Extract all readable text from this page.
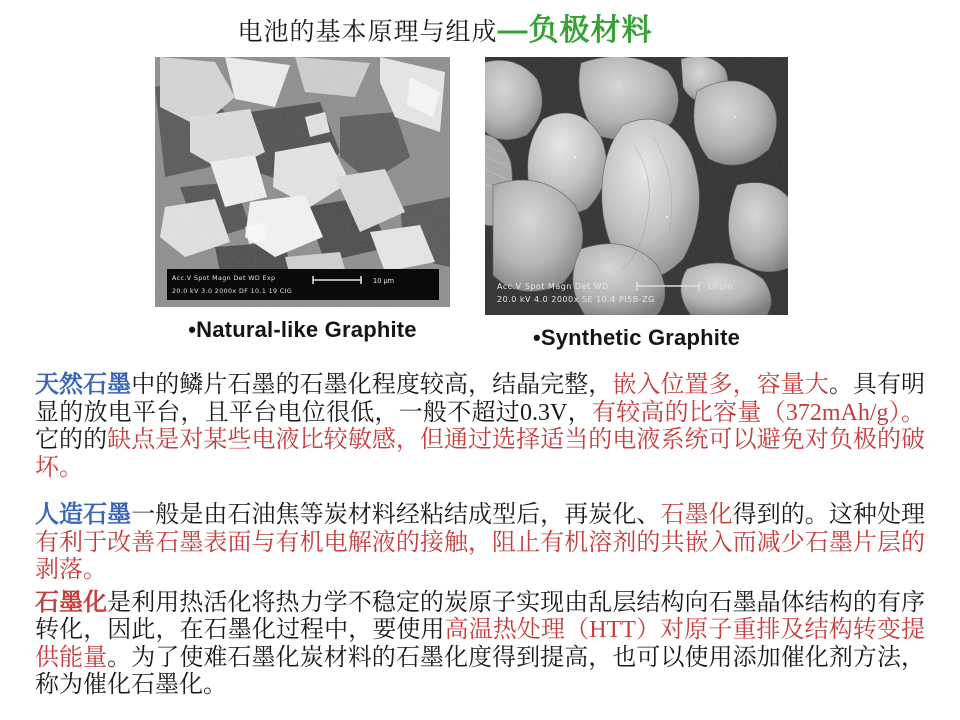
电池的基本原理与组成—负极材料
Acc.V Spot Magn Det WD Exp	10 µm
20.0 kV 3.0 2000x DF 10.1 19 CIG
•Natural-like Graphite
Acc.V Spot Magn Det WD	10 µm
20.0 kV 4.0 2000x SE 10.4 PI5B-ZG
•Synthetic Graphite

天然石墨中的鳞片石墨的石墨化程度较高，结晶完整，嵌入位置多，容量大。具有明显的放电平台，且平台电位很低，一般不超过0.3V，有较高的比容量（372mAh/g）。它的的缺点是对某些电液比较敏感，但通过选择适当的电液系统可以避免对负极的破坏。

人造石墨一般是由石油焦等炭材料经粘结成型后，再炭化、石墨化得到的。这种处理有利于改善石墨表面与有机电解液的接触，阻止有机溶剂的共嵌入而减少石墨片层的剥落。

石墨化是利用热活化将热力学不稳定的炭原子实现由乱层结构向石墨晶体结构的有序转化，因此，在石墨化过程中，要使用高温热处理（HTT）对原子重排及结构转变提供能量。为了使难石墨化炭材料的石墨化度得到提高，也可以使用添加催化剂方法，称为催化石墨化。
